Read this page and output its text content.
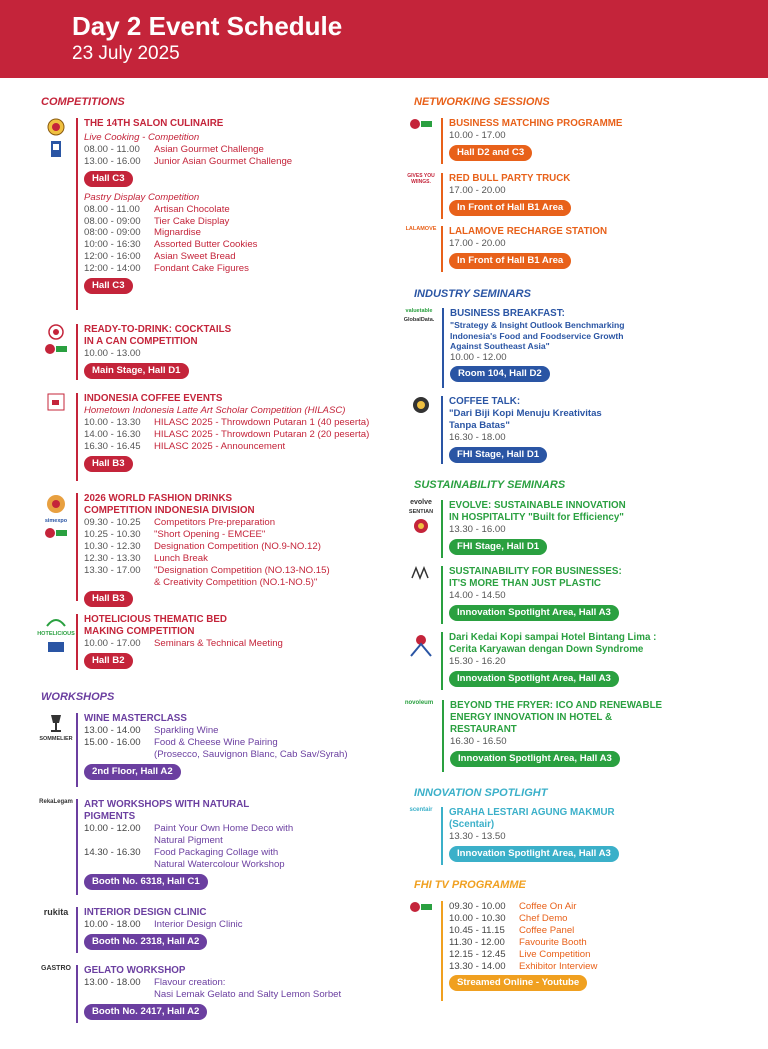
Day 2 Event Schedule
23 July 2025
COMPETITIONS
THE 14TH SALON CULINAIRE
Live Cooking - Competition
08.00 - 11.00	Asian Gourmet Challenge
13.00 - 16.00	Junior Asian Gourmet Challenge
Hall C3
Pastry Display Competition
08.00 - 11.00	Artisan Chocolate
08.00 - 09:00	Tier Cake Display
08:00 - 09:00	Mignardise
10:00 - 16:30	Assorted Butter Cookies
12:00 - 16:00	Asian Sweet Bread
12:00 - 14:00	Fondant Cake Figures
Hall C3
READY-TO-DRINK: COCKTAILS
IN A CAN COMPETITION
10.00 - 13.00
Main Stage, Hall D1
INDONESIA COFFEE EVENTS
Hometown Indonesia Latte Art Scholar Competition (HILASC)
10.00 - 13.30	HILASC 2025 - Throwdown Putaran 1 (40 peserta)
14.00 - 16.30	HILASC 2025 - Throwdown Putaran 2 (20 peserta)
16.30 - 16.45	HILASC 2025 - Announcement
Hall B3
simexpo
2026 WORLD FASHION DRINKS
COMPETITION INDONESIA DIVISION
09.30 - 10.25	Competitors Pre-preparation
10.25 - 10.30	"Short Opening - EMCEE"
10.30 - 12.30	Designation Competition (NO.9-NO.12)
12.30 - 13.30	Lunch Break
13.30 - 17.00	"Designation Competition (NO.13-NO.15)
& Creativity Competition (NO.1-NO.5)"
Hall B3
HOTELICIOUS
HOTELICIOUS THEMATIC BED
MAKING COMPETITION
10.00 - 17.00	Seminars & Technical Meeting
Hall B2
WORKSHOPS
SOMMELIER
WINE MASTERCLASS
13.00 - 14.00	Sparkling Wine
15.00 - 16.00	Food & Cheese Wine Pairing
(Prosecco, Sauvignon Blanc, Cab Sav/Syrah)
2nd Floor, Hall A2
RekaLegam ART WORKSHOPS WITH NATURAL
PIGMENTS
10.00 - 12.00	Paint Your Own Home Deco with
Natural Pigment
14.30 - 16.30	Food Packaging Collage with
Natural Watercolour Workshop
Booth No. 6318, Hall C1
rukita INTERIOR DESIGN CLINIC
10.00 - 18.00	Interior Design Clinic
Booth No. 2318, Hall A2
GASTRO GELATO WORKSHOP
13.00 - 18.00	Flavour creation:
Nasi Lemak Gelato and Salty Lemon Sorbet
Booth No. 2417, Hall A2
NETWORKING SESSIONS
BUSINESS MATCHING PROGRAMME
10.00 - 17.00
Hall D2 and C3
GIVES YOU WIINGS.	RED BULL PARTY TRUCK
17.00 - 20.00
In Front of Hall B1 Area
LALAMOVE LALAMOVE RECHARGE STATION
17.00 - 20.00
In Front of Hall B1 Area
INDUSTRY SEMINARS
valuetable
GlobalData.
BUSINESS BREAKFAST:
"Strategy & Insight Outlook Benchmarking
Indonesia's Food and Foodservice Growth
Against Southeast Asia"
10.00 - 12.00
Room 104, Hall D2
COFFEE TALK:
"Dari Biji Kopi Menuju Kreativitas
Tanpa Batas"
16.30 - 18.00
FHI Stage, Hall D1
SUSTAINABILITY SEMINARS
evolve
SENTIAN
EVOLVE: SUSTAINABLE INNOVATION
IN HOSPITALITY "Built for Efficiency"
13.30 - 16.00
FHI Stage, Hall D1
SUSTAINABILITY FOR BUSINESSES:
IT'S MORE THAN JUST PLASTIC
14.00 - 14.50
Innovation Spotlight Area, Hall A3
Dari Kedai Kopi sampai Hotel Bintang Lima :
Cerita Karyawan dengan Down Syndrome
15.30 - 16.20
Innovation Spotlight Area, Hall A3
novoleum BEYOND THE FRYER: ICO AND RENEWABLE
ENERGY INNOVATION IN HOTEL &
RESTAURANT
16.30 - 16.50
Innovation Spotlight Area, Hall A3
INNOVATION SPOTLIGHT
scentair GRAHA LESTARI AGUNG MAKMUR
(Scentair)
13.30 - 13.50
Innovation Spotlight Area, Hall A3
FHI TV PROGRAMME
09.30 - 10.00	Coffee On Air
10.00 - 10.30	Chef Demo
10.45 - 11.15	Coffee Panel
11.30 - 12.00	Favourite Booth
12.15 - 12.45	Live Competition
13.30 - 14.00	Exhibitor Interview
Streamed Online - Youtube
